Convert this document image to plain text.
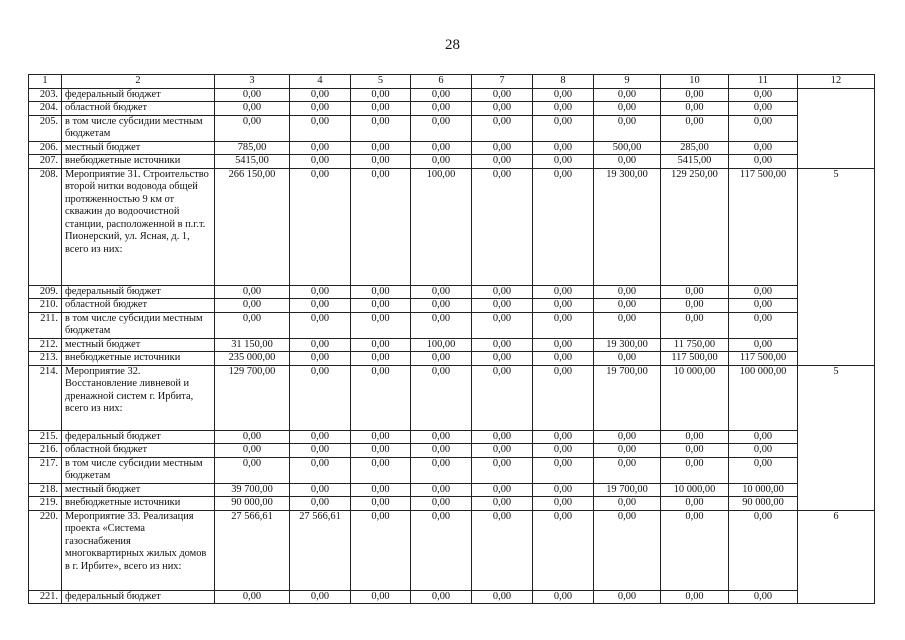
28
1	2	3	4	5	6	7	8	9	10	11	12
203.	федеральный бюджет	0,00	0,00	0,00	0,00	0,00	0,00	0,00	0,00	0,00	
204.	областной бюджет	0,00	0,00	0,00	0,00	0,00	0,00	0,00	0,00	0,00	
205.	в том числе субсидии местным бюджетам	0,00	0,00	0,00	0,00	0,00	0,00	0,00	0,00	0,00	
206.	местный бюджет	785,00	0,00	0,00	0,00	0,00	0,00	500,00	285,00	0,00	
207.	внебюджетные источники	5415,00	0,00	0,00	0,00	0,00	0,00	0,00	5415,00	0,00	
208.	Мероприятие 31. Строительство второй нитки водовода общей протяженностью 9 км от скважин до водоочистной станции, расположенной в п.г.т. Пионерский, ул. Ясная, д. 1, всего из них:	266 150,00	0,00	0,00	100,00	0,00	0,00	19 300,00	129 250,00	117 500,00	5
209.	федеральный бюджет	0,00	0,00	0,00	0,00	0,00	0,00	0,00	0,00	0,00	
210.	областной бюджет	0,00	0,00	0,00	0,00	0,00	0,00	0,00	0,00	0,00	
211.	в том числе субсидии местным бюджетам	0,00	0,00	0,00	0,00	0,00	0,00	0,00	0,00	0,00	
212.	местный бюджет	31 150,00	0,00	0,00	100,00	0,00	0,00	19 300,00	11 750,00	0,00	
213.	внебюджетные источники	235 000,00	0,00	0,00	0,00	0,00	0,00	0,00	117 500,00	117 500,00	
214.	Мероприятие 32. Восстановление ливневой и дренажной систем г. Ирбита, всего из них:	129 700,00	0,00	0,00	0,00	0,00	0,00	19 700,00	10 000,00	100 000,00	5
215.	федеральный бюджет	0,00	0,00	0,00	0,00	0,00	0,00	0,00	0,00	0,00	
216.	областной бюджет	0,00	0,00	0,00	0,00	0,00	0,00	0,00	0,00	0,00	
217.	в том числе субсидии местным бюджетам	0,00	0,00	0,00	0,00	0,00	0,00	0,00	0,00	0,00	
218.	местный бюджет	39 700,00	0,00	0,00	0,00	0,00	0,00	19 700,00	10 000,00	10 000,00	
219.	внебюджетные источники	90 000,00	0,00	0,00	0,00	0,00	0,00	0,00	0,00	90 000,00	
220.	Мероприятие 33. Реализация проекта «Система газоснабжения многоквартирных жилых домов в г. Ирбите», всего из них:	27 566,61	27 566,61	0,00	0,00	0,00	0,00	0,00	0,00	0,00	6
221.	федеральный бюджет	0,00	0,00	0,00	0,00	0,00	0,00	0,00	0,00	0,00	
